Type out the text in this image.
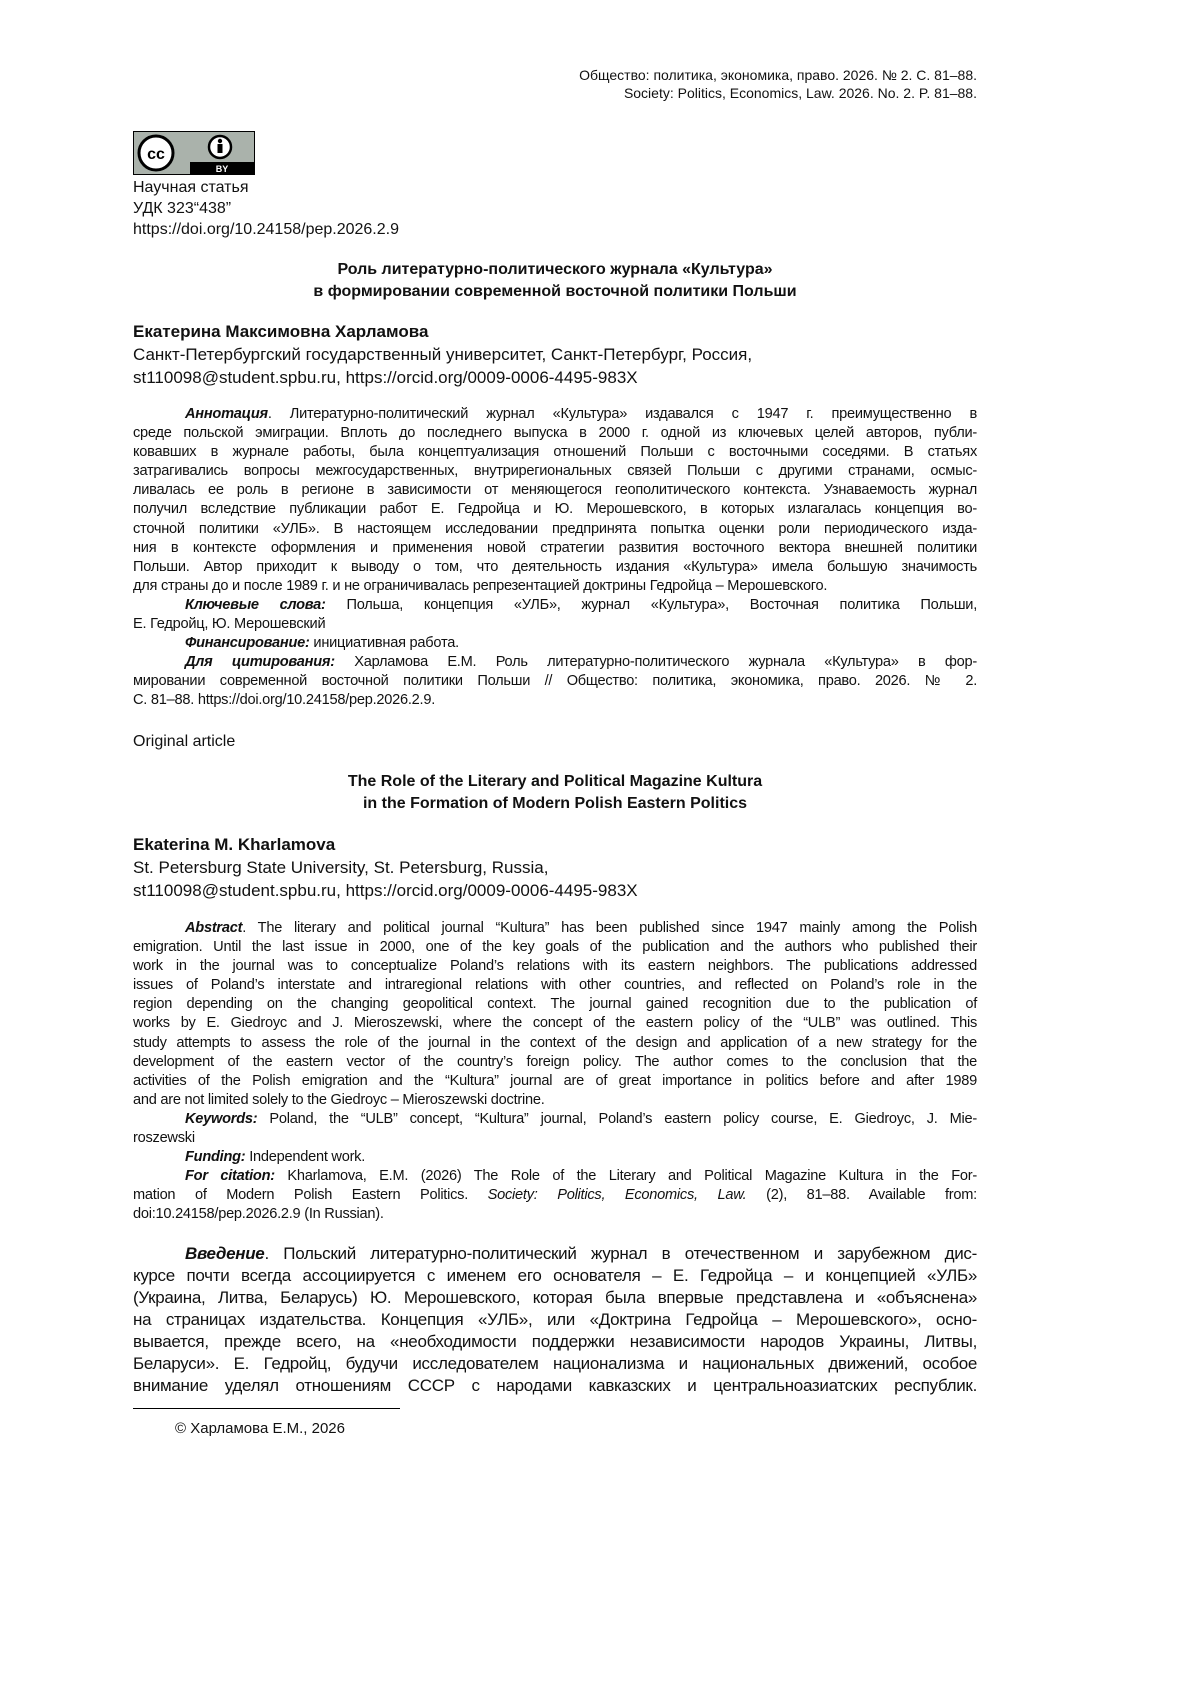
Общество: политика, экономика, право. 2026. № 2. С. 81–88.
Society: Politics, Economics, Law. 2026. No. 2. P. 81–88.
cc
BY
Научная статья
УДК 323“438”
https://doi.org/10.24158/pep.2026.2.9
Роль литературно-политического журнала «Культура»
в формировании современной восточной политики Польши
Екатерина Максимовна Харламова
Санкт-Петербургский государственный университет, Санкт-Петербург, Россия,
st110098@student.spbu.ru, https://orcid.org/0009-0006-4495-983X
Аннотация. Литературно-политический журнал «Культура» издавался с 1947 г. преимущественно в
среде польской эмиграции. Вплоть до последнего выпуска в 2000 г. одной из ключевых целей авторов, публи-
ковавших в журнале работы, была концептуализация отношений Польши с восточными соседями. В статьях
затрагивались вопросы межгосударственных, внутрирегиональных связей Польши с другими странами, осмыс-
ливалась ее роль в регионе в зависимости от меняющегося геополитического контекста. Узнаваемость журнал
получил вследствие публикации работ Е. Гедройца и Ю. Мерошевского, в которых излагалась концепция во-
сточной политики «УЛБ». В настоящем исследовании предпринята попытка оценки роли периодического изда-
ния в контексте оформления и применения новой стратегии развития восточного вектора внешней политики
Польши. Автор приходит к выводу о том, что деятельность издания «Культура» имела большую значимость
для страны до и после 1989 г. и не ограничивалась репрезентацией доктрины Гедройца – Мерошевского.
Ключевые слова: Польша, концепция «УЛБ», журнал «Культура», Восточная политика Польши,
Е. Гедройц, Ю. Мерошевский
Финансирование: инициативная работа.
Для цитирования: Харламова Е.М. Роль литературно-политического журнала «Культура» в фор-
мировании современной восточной политики Польши // Общество: политика, экономика, право. 2026. № 2.
С. 81–88. https://doi.org/10.24158/pep.2026.2.9.
Original article
The Role of the Literary and Political Magazine Kultura
in the Formation of Modern Polish Eastern Politics
Ekaterina M. Kharlamova
St. Petersburg State University, St. Petersburg, Russia,
st110098@student.spbu.ru, https://orcid.org/0009-0006-4495-983X
Abstract. The literary and political journal “Kultura” has been published since 1947 mainly among the Polish
emigration. Until the last issue in 2000, one of the key goals of the publication and the authors who published their
work in the journal was to conceptualize Poland’s relations with its eastern neighbors. The publications addressed
issues of Poland’s interstate and intraregional relations with other countries, and reflected on Poland’s role in the
region depending on the changing geopolitical context. The journal gained recognition due to the publication of
works by E. Giedroyc and J. Mieroszewski, where the concept of the eastern policy of the “ULB” was outlined. This
study attempts to assess the role of the journal in the context of the design and application of a new strategy for the
development of the eastern vector of the country’s foreign policy. The author comes to the conclusion that the
activities of the Polish emigration and the “Kultura” journal are of great importance in politics before and after 1989
and are not limited solely to the Giedroyc – Mieroszewski doctrine.
Keywords: Poland, the “ULB” concept, “Kultura” journal, Poland’s eastern policy course, E. Giedroyc, J. Mie-
roszewski
Funding: Independent work.
For citation: Kharlamova, E.M. (2026) The Role of the Literary and Political Magazine Kultura in the For-
mation of Modern Polish Eastern Politics. Society: Politics, Economics, Law. (2), 81–88. Available from:
doi:10.24158/pep.2026.2.9 (In Russian).
Введение. Польский литературно-политический журнал в отечественном и зарубежном дис-
курсе почти всегда ассоциируется с именем его основателя – Е. Гедройца – и концепцией «УЛБ»
(Украина, Литва, Беларусь) Ю. Мерошевского, которая была впервые представлена и «объяснена»
на страницах издательства. Концепция «УЛБ», или «Доктрина Гедройца – Мерошевского», осно-
вывается, прежде всего, на «необходимости поддержки независимости народов Украины, Литвы,
Беларуси». Е. Гедройц, будучи исследователем национализма и национальных движений, особое
внимание уделял отношениям СССР с народами кавказских и центральноазиатских республик.
© Харламова Е.М., 2026
